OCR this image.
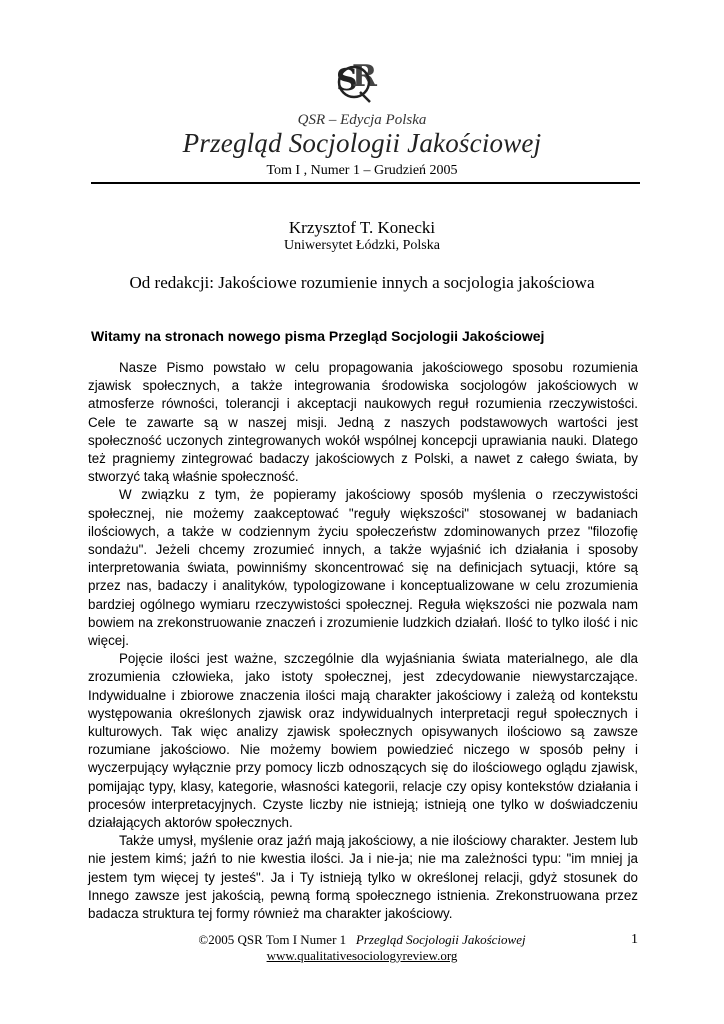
S
R
QSR – Edycja Polska
Przegląd Socjologii Jakościowej
Tom I , Numer 1 – Grudzień 2005
Krzysztof T. Konecki
Uniwersytet Łódzki, Polska
Od redakcji: Jakościowe rozumienie innych a socjologia jakościowa
Witamy na stronach nowego pisma Przegląd Socjologii Jakościowej

Nasze Pismo powstało w celu propagowania jakościowego sposobu rozumienia zjawisk społecznych, a także integrowania środowiska socjologów jakościowych w atmosferze równości, tolerancji i akceptacji naukowych reguł rozumienia rzeczywistości. Cele te zawarte są w naszej misji. Jedną z naszych podstawowych wartości jest społeczność uczonych zintegrowanych wokół wspólnej koncepcji uprawiania nauki. Dlatego też pragniemy zintegrować badaczy jakościowych z Polski, a nawet z całego świata, by stworzyć taką właśnie społeczność.

W związku z tym, że popieramy jakościowy sposób myślenia o rzeczywistości społecznej, nie możemy zaakceptować "reguły większości" stosowanej w badaniach ilościowych, a także w codziennym życiu społeczeństw zdominowanych przez "filozofię sondażu". Jeżeli chcemy zrozumieć innych, a także wyjaśnić ich działania i sposoby interpretowania świata, powinniśmy skoncentrować się na definicjach sytuacji, które są przez nas, badaczy i analityków, typologizowane i konceptualizowane w celu zrozumienia bardziej ogólnego wymiaru rzeczywistości społecznej. Reguła większości nie pozwala nam bowiem na zrekonstruowanie znaczeń i zrozumienie ludzkich działań. Ilość to tylko ilość i nic więcej.

Pojęcie ilości jest ważne, szczególnie dla wyjaśniania świata materialnego, ale dla zrozumienia człowieka, jako istoty społecznej, jest zdecydowanie niewystarczające. Indywidualne i zbiorowe znaczenia ilości mają charakter jakościowy i zależą od kontekstu występowania określonych zjawisk oraz indywidualnych interpretacji reguł społecznych i kulturowych. Tak więc analizy zjawisk społecznych opisywanych ilościowo są zawsze rozumiane jakościowo. Nie możemy bowiem powiedzieć niczego w sposób pełny i wyczerpujący wyłącznie przy pomocy liczb odnoszących się do ilościowego oglądu zjawisk, pomijając typy, klasy, kategorie, własności kategorii, relacje czy opisy kontekstów działania i procesów interpretacyjnych. Czyste liczby nie istnieją; istnieją one tylko w doświadczeniu działających aktorów społecznych.

Także umysł, myślenie oraz jaźń mają jakościowy, a nie ilościowy charakter. Jestem lub nie jestem kimś; jaźń to nie kwestia ilości. Ja i nie-ja; nie ma zależności typu: "im mniej ja jestem tym więcej ty jesteś". Ja i Ty istnieją tylko w określonej relacji, gdyż stosunek do Innego zawsze jest jakością, pewną formą społecznego istnienia. Zrekonstruowana przez badacza struktura tej formy również ma charakter jakościowy.

©2005 QSR Tom I Numer 1 Przegląd Socjologii Jakościowej	1
www.qualitativesociologyreview.org
